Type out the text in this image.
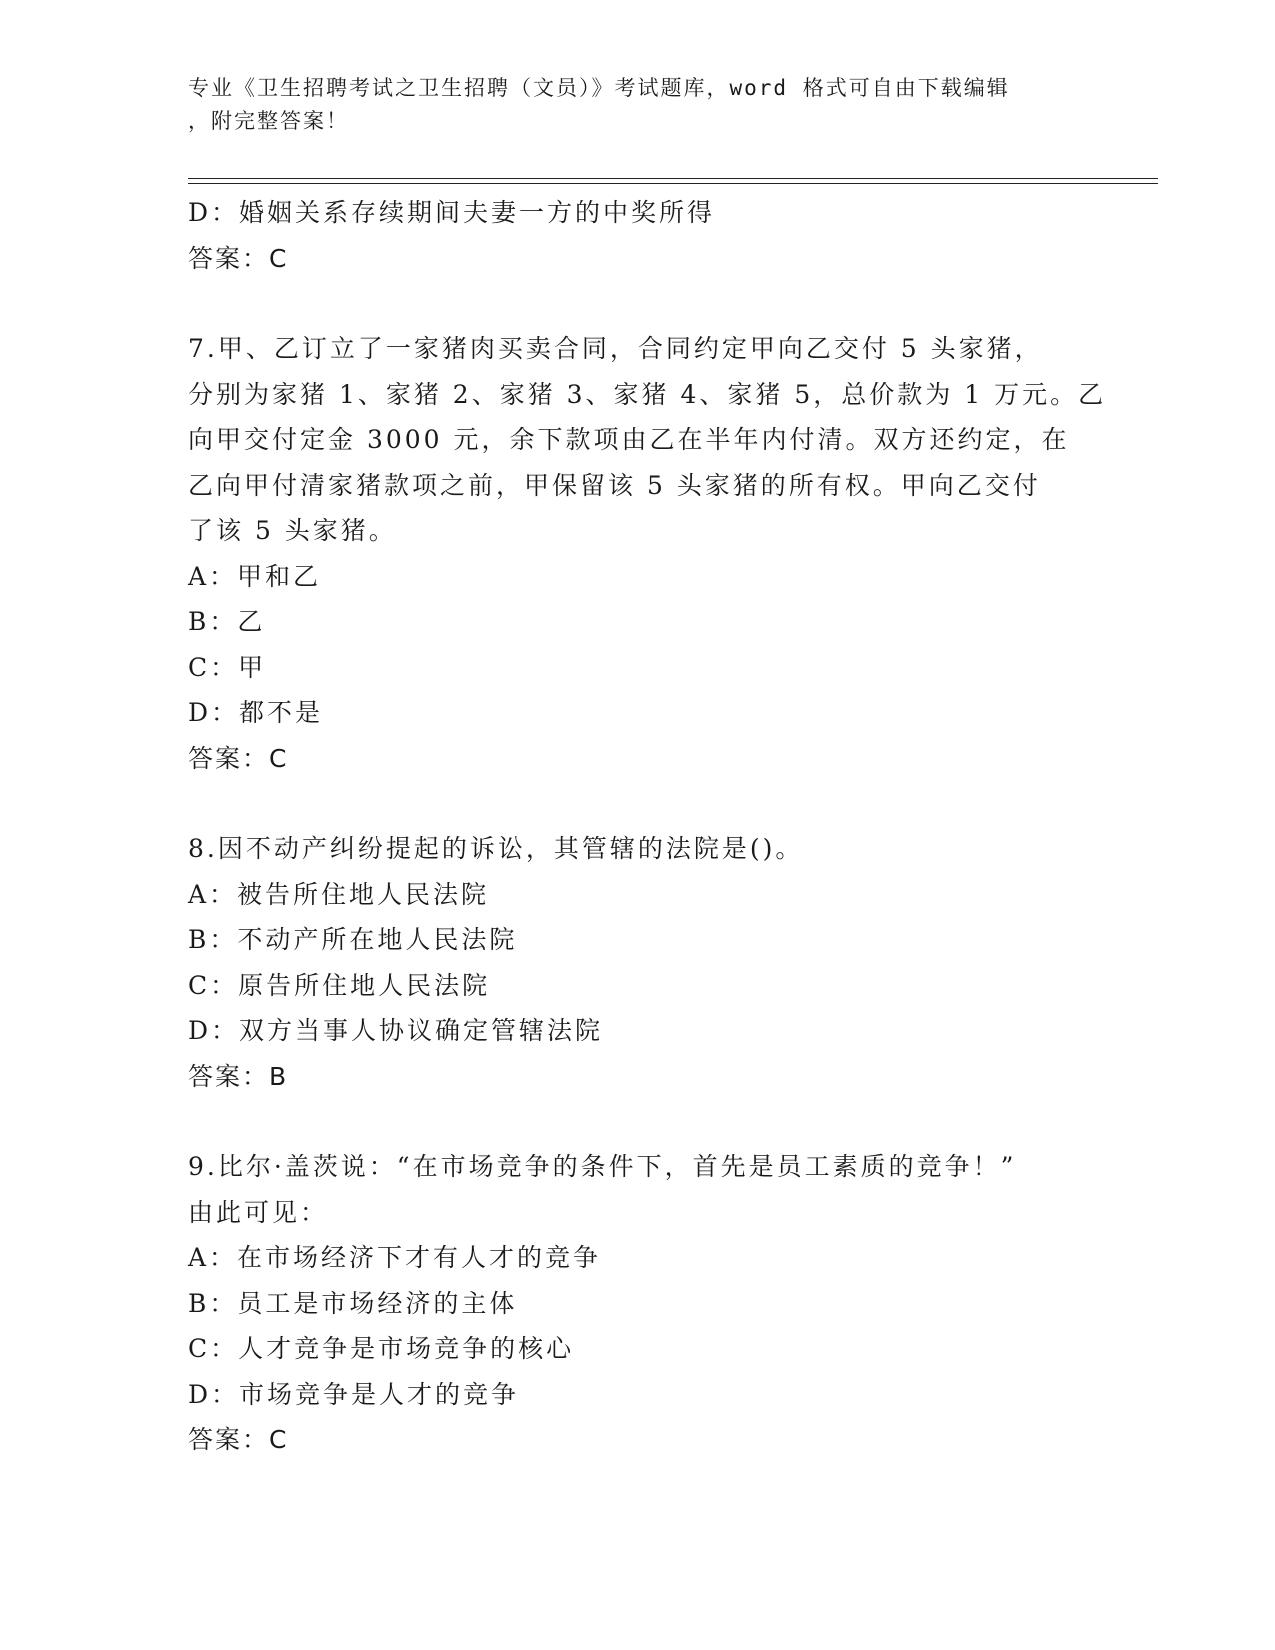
专业《卫生招聘考试之卫生招聘（文员）》考试题库，word 格式可自由下载编辑

，附完整答案！

D：婚姻关系存续期间夫妻一方的中奖所得

答案：C

7.甲、乙订立了一家猪肉买卖合同，合同约定甲向乙交付 5 头家猪，

分别为家猪 1、家猪 2、家猪 3、家猪 4、家猪 5，总价款为 1 万元。乙

向甲交付定金 3000 元，余下款项由乙在半年内付清。双方还约定，在

乙向甲付清家猪款项之前，甲保留该 5 头家猪的所有权。甲向乙交付

了该 5 头家猪。

A：甲和乙

B：乙

C：甲

D：都不是

答案：C

8.因不动产纠纷提起的诉讼，其管辖的法院是()。

A：被告所住地人民法院

B：不动产所在地人民法院

C：原告所住地人民法院

D：双方当事人协议确定管辖法院

答案：B

9.比尔·盖茨说：“在市场竞争的条件下，首先是员工素质的竞争！”

由此可见：

A：在市场经济下才有人才的竞争

B：员工是市场经济的主体

C：人才竞争是市场竞争的核心

D：市场竞争是人才的竞争

答案：C
